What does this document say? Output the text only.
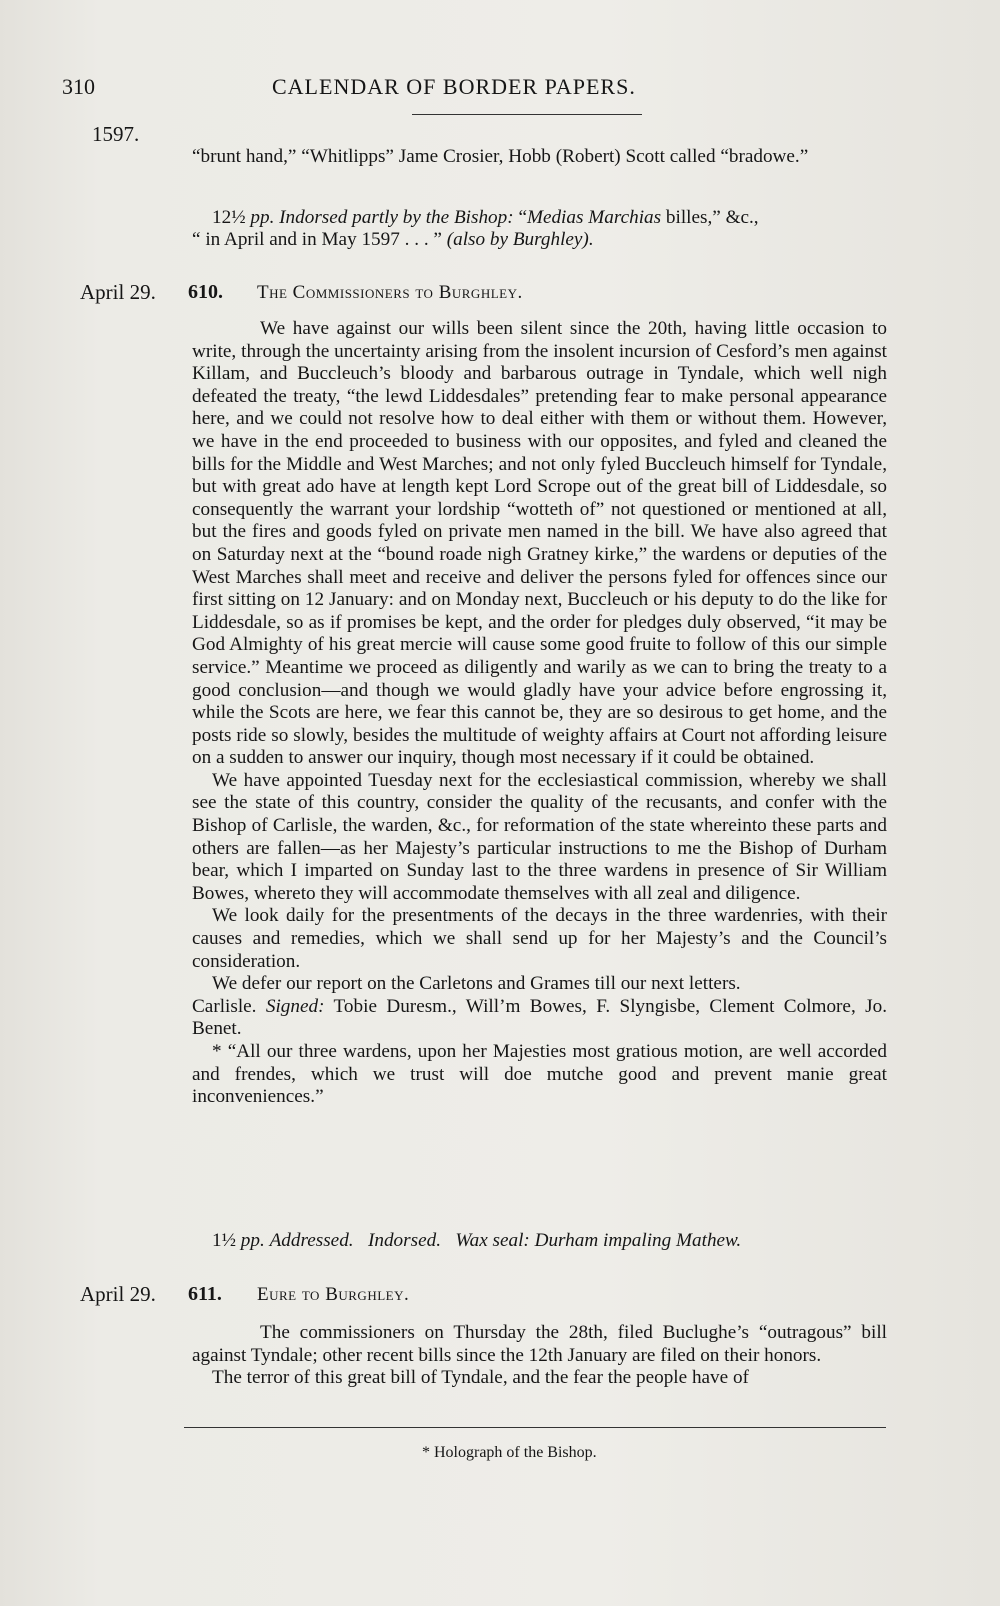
310	CALENDAR OF BORDER PAPERS.
1597.

“brunt hand,” “Whitlipps” Jame Crosier, Hobb (Robert) Scott called “bradowe.”

12½ pp. Indorsed partly by the Bishop: “Medias Marchias billes,” &c.,
“ in April and in May 1597 . . . ” (also by Burghley).
April 29. 610. The Commissioners to Burghley.

We have against our wills been silent since the 20th, having little occasion to write, through the uncertainty arising from the insolent incursion of Cesford’s men against Killam, and Buccleuch’s bloody and barbarous outrage in Tyndale, which well nigh defeated the treaty, “the lewd Liddesdales” pretending fear to make personal appearance here, and we could not resolve how to deal either with them or without them. However, we have in the end proceeded to business with our opposites, and fyled and cleaned the bills for the Middle and West Marches; and not only fyled Buccleuch himself for Tyndale, but with great ado have at length kept Lord Scrope out of the great bill of Liddesdale, so consequently the warrant your lordship “wotteth of” not questioned or mentioned at all, but the fires and goods fyled on private men named in the bill. We have also agreed that on Saturday next at the “bound roade nigh Gratney kirke,” the wardens or deputies of the West Marches shall meet and receive and deliver the persons fyled for offences since our first sitting on 12 January: and on Monday next, Buccleuch or his deputy to do the like for Liddesdale, so as if promises be kept, and the order for pledges duly observed, “it may be God Almighty of his great mercie will cause some good fruite to follow of this our simple service.” Meantime we proceed as diligently and warily as we can to bring the treaty to a good conclusion—and though we would gladly have your advice before engrossing it, while the Scots are here, we fear this cannot be, they are so desirous to get home, and the posts ride so slowly, besides the multitude of weighty affairs at Court not affording leisure on a sudden to answer our inquiry, though most necessary if it could be obtained.

We have appointed Tuesday next for the ecclesiastical commission, whereby we shall see the state of this country, consider the quality of the recusants, and confer with the Bishop of Carlisle, the warden, &c., for reformation of the state whereinto these parts and others are fallen—as her Majesty’s particular instructions to me the Bishop of Durham bear, which I imparted on Sunday last to the three wardens in presence of Sir William Bowes, whereto they will accommodate themselves with all zeal and diligence.

We look daily for the presentments of the decays in the three wardenries, with their causes and remedies, which we shall send up for her Majesty’s and the Council’s consideration.

We defer our report on the Carletons and Grames till our next letters.

Carlisle. Signed: Tobie Duresm., Will’m Bowes, F. Slyngisbe, Clement Colmore, Jo. Benet.

* “All our three wardens, upon her Majesties most gratious motion, are well accorded and frendes, which we trust will doe mutche good and prevent manie great inconveniences.”

1½ pp. Addressed.   Indorsed.   Wax seal: Durham impaling Mathew.
April 29. 611. Eure to Burghley.

The commissioners on Thursday the 28th, filed Buclughe’s “outragous” bill against Tyndale; other recent bills since the 12th January are filed on their honors.

The terror of this great bill of Tyndale, and the fear the people have of

* Holograph of the Bishop.
